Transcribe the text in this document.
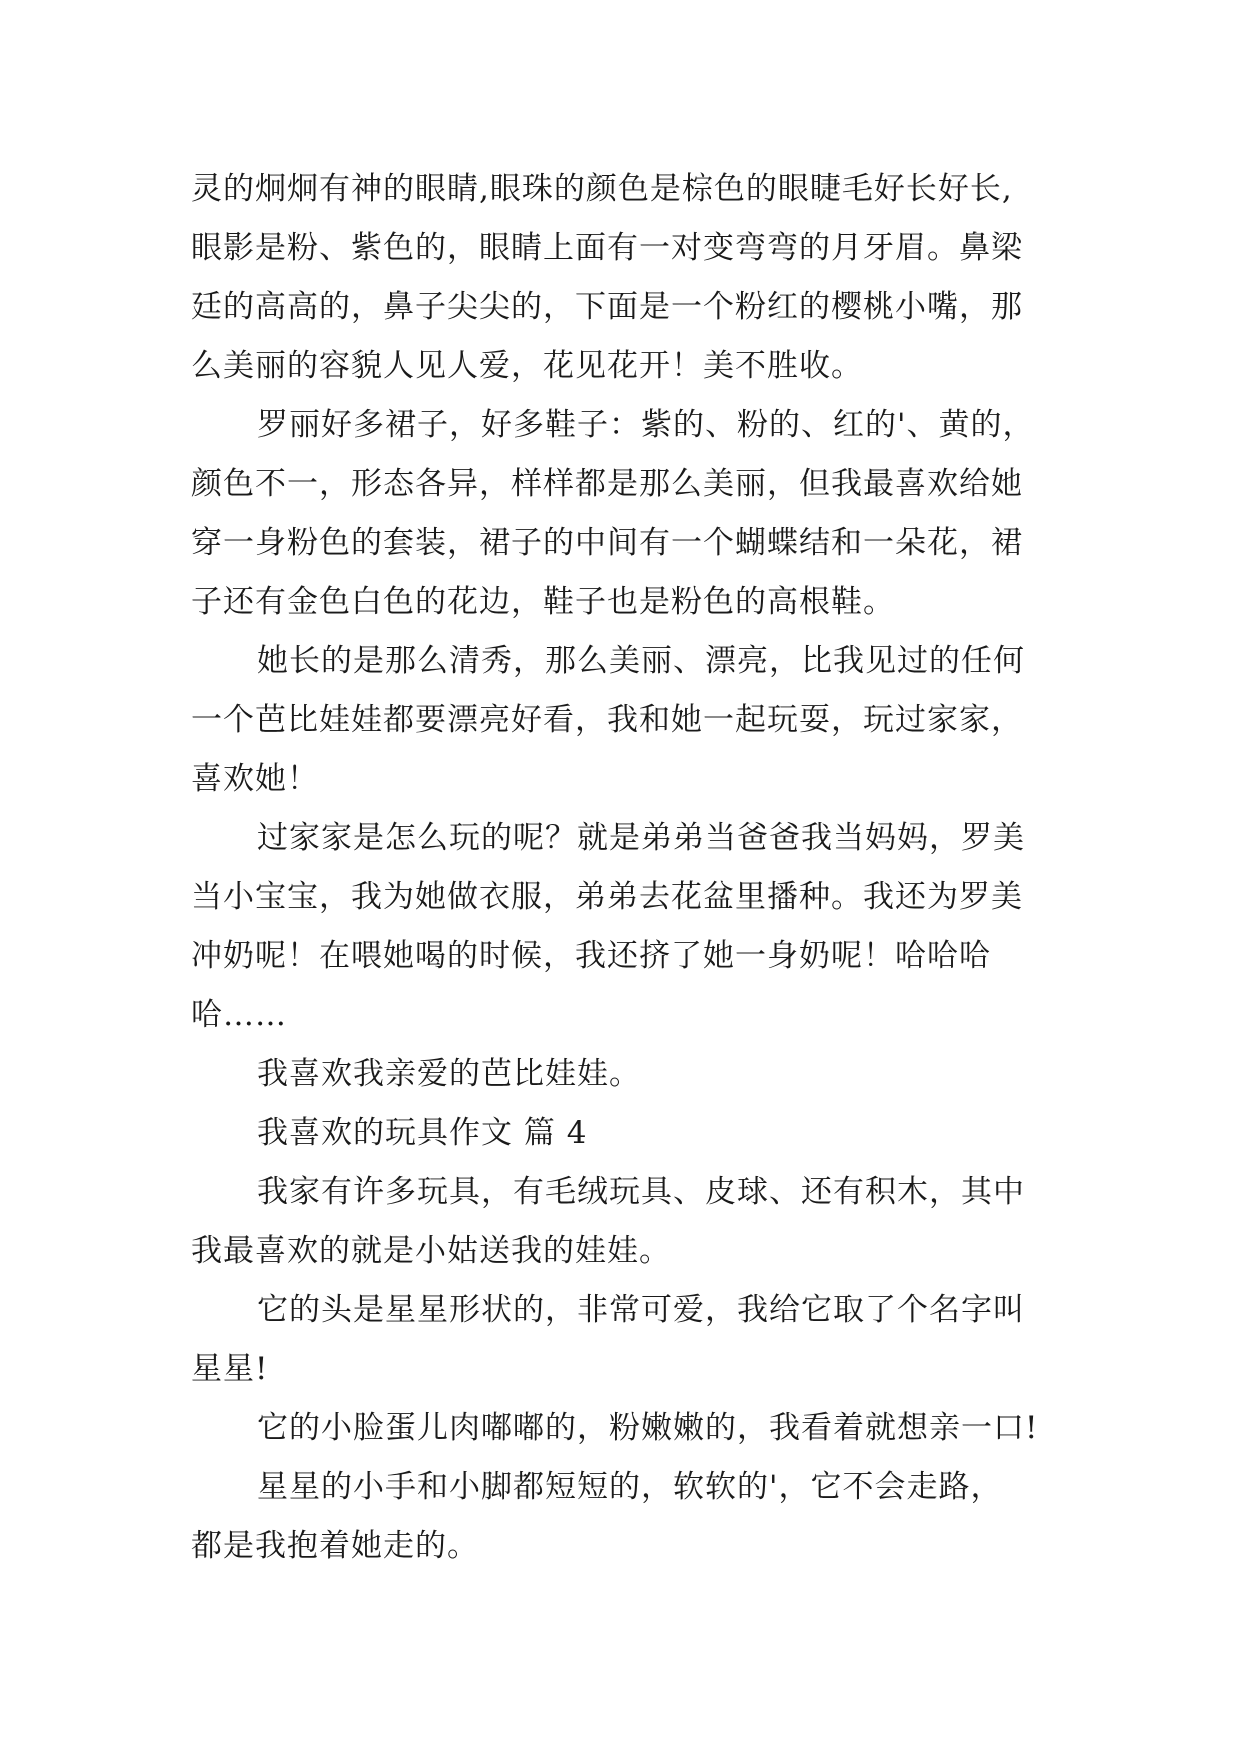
灵的炯炯有神的眼睛,眼珠的颜色是棕色的眼睫毛好长好长,
眼影是粉、紫色的，眼睛上面有一对变弯弯的月牙眉。鼻梁
廷的高高的，鼻子尖尖的，下面是一个粉红的樱桃小嘴，那
么美丽的容貌人见人爱，花见花开！美不胜收。
罗丽好多裙子，好多鞋子：紫的、粉的、红的'、黄的，
颜色不一，形态各异，样样都是那么美丽，但我最喜欢给她
穿一身粉色的套装，裙子的中间有一个蝴蝶结和一朵花，裙
子还有金色白色的花边，鞋子也是粉色的高根鞋。
她长的是那么清秀，那么美丽、漂亮，比我见过的任何
一个芭比娃娃都要漂亮好看，我和她一起玩耍，玩过家家，
喜欢她！
过家家是怎么玩的呢？就是弟弟当爸爸我当妈妈，罗美
当小宝宝，我为她做衣服，弟弟去花盆里播种。我还为罗美
冲奶呢！在喂她喝的时候，我还挤了她一身奶呢！哈哈哈
哈……
我喜欢我亲爱的芭比娃娃。
我喜欢的玩具作文 篇 4
我家有许多玩具，有毛绒玩具、皮球、还有积木，其中
我最喜欢的就是小姑送我的娃娃。
它的头是星星形状的，非常可爱，我给它取了个名字叫
星星!
它的小脸蛋儿肉嘟嘟的，粉嫩嫩的，我看着就想亲一口!
星星的小手和小脚都短短的，软软的'，它不会走路，
都是我抱着她走的。
